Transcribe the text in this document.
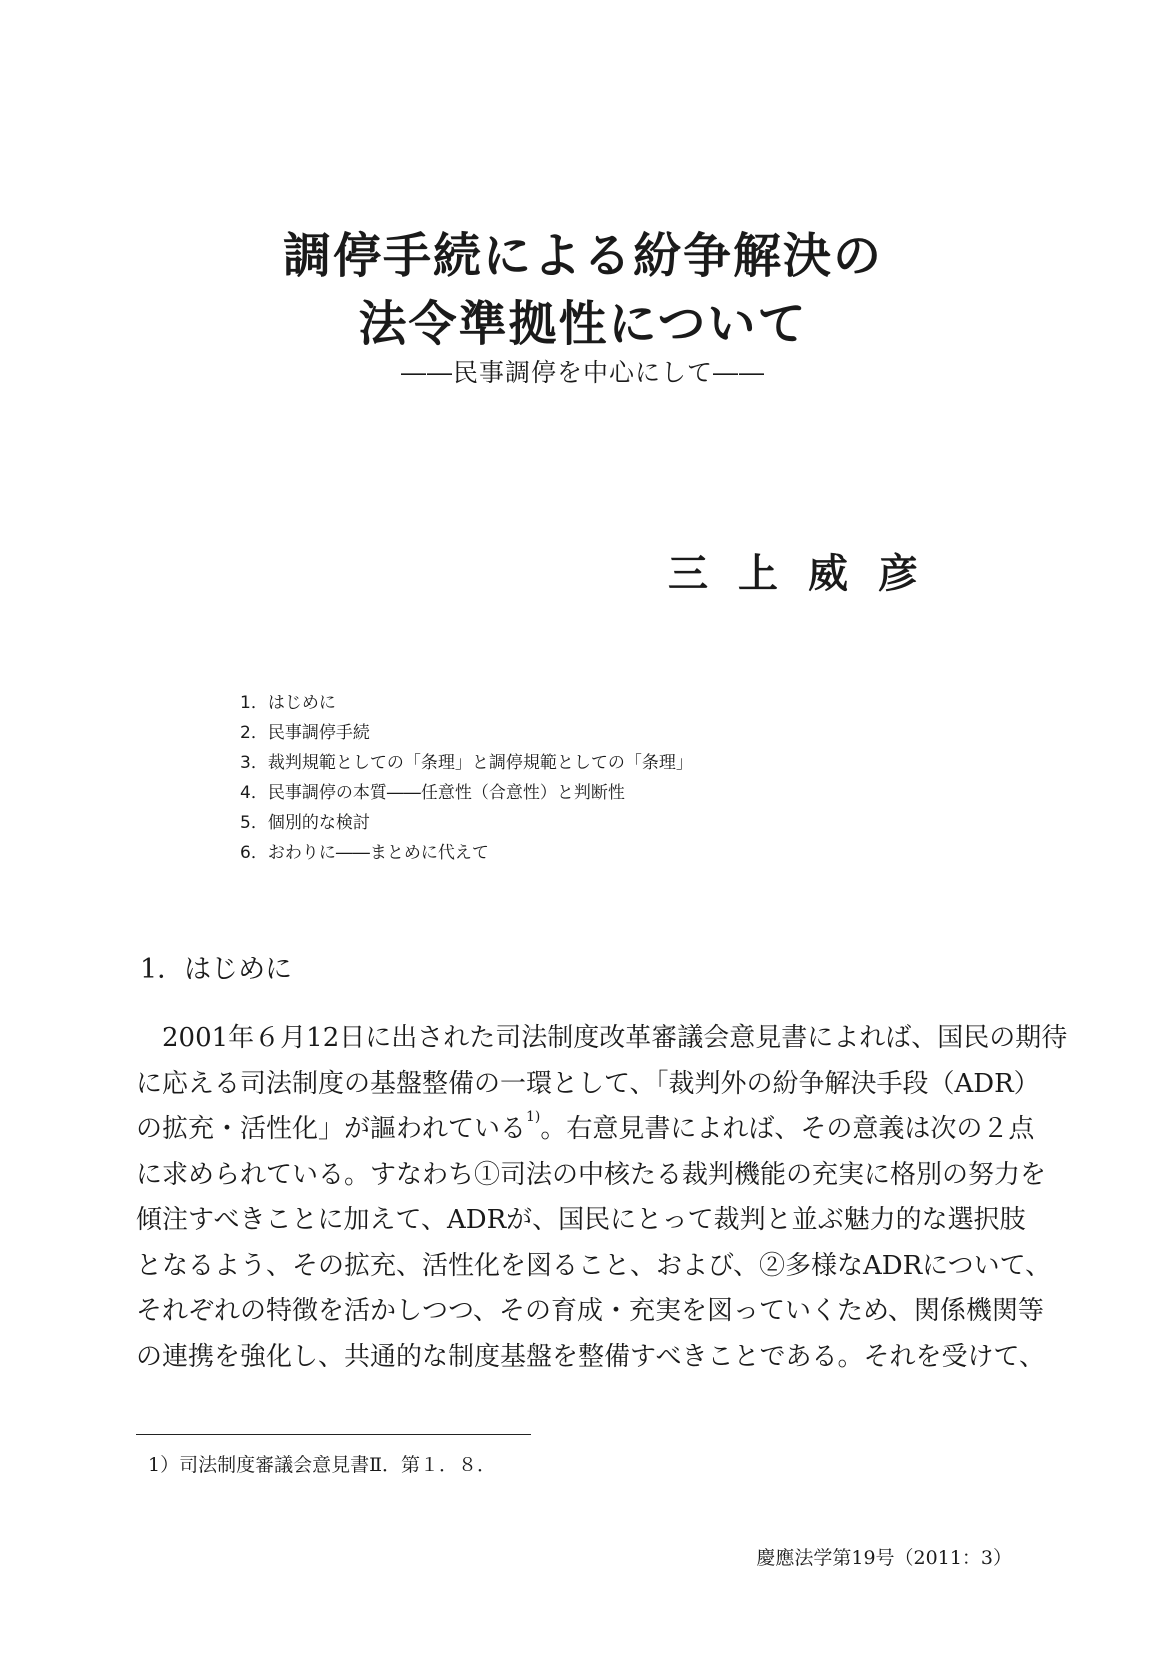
調停手続による紛争解決の
法令準拠性について
――民事調停を中心にして――
三上威彦
1．はじめに
2．民事調停手続
3．裁判規範としての「条理」と調停規範としての「条理」
4．民事調停の本質――任意性（合意性）と判断性
5．個別的な検討
6．おわりに――まとめに代えて
1．はじめに
2001年６月12日に出された司法制度改革審議会意見書によれば、国民の期待
に応える司法制度の基盤整備の一環として、「裁判外の紛争解決手段（ADR）
の拡充・活性化」が謳われている$^{1)}$。右意見書によれば、その意義は次の２点
に求められている。すなわち①司法の中核たる裁判機能の充実に格別の努力を
傾注すべきことに加えて、ADRが、国民にとって裁判と並ぶ魅力的な選択肢
となるよう、その拡充、活性化を図ること、および、②多様なADRについて、
それぞれの特徴を活かしつつ、その育成・充実を図っていくため、関係機関等
の連携を強化し、共通的な制度基盤を整備すべきことである。それを受けて、
1）司法制度審議会意見書Ⅱ．第１．８．
慶應法学第19号（2011：3）
